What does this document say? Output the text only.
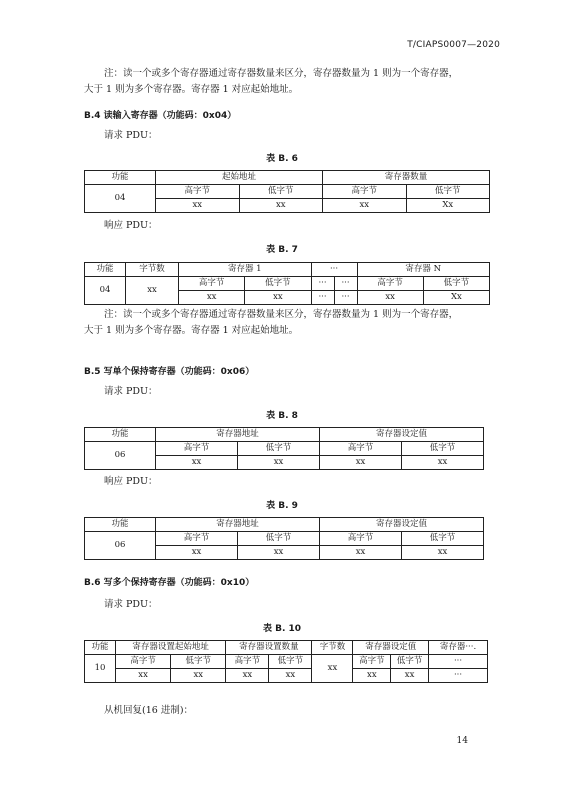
T/CIAPS0007—2020
注：读一个或多个寄存器通过寄存器数量来区分，寄存器数量为 1 则为一个寄存器，
大于 1 则为多个寄存器。寄存器 1 对应起始地址。
B.4 读输入寄存器（功能码：0x04）
请求 PDU：
表 B. 6
功能	起始地址		寄存器数量	
04	高字节	低字节	高字节	低字节
	xx	xx	xx	Xx
响应 PDU：
表 B. 7
功能	字节数	寄存器 1		···		寄存器 N	
04	xx	高字节	低字节	···	···	高字节	低字节
		xx	xx	···	···	xx	Xx
注：读一个或多个寄存器通过寄存器数量来区分，寄存器数量为 1 则为一个寄存器，
大于 1 则为多个寄存器。寄存器 1 对应起始地址。
B.5 写单个保持寄存器（功能码：0x06）
请求 PDU：
表 B. 8
功能	寄存器地址		寄存器设定值	
06	高字节	低字节	高字节	低字节
	xx	xx	xx	xx
响应 PDU：
表 B. 9
功能	寄存器地址		寄存器设定值	
06	高字节	低字节	高字节	低字节
	xx	xx	xx	xx
B.6 写多个保持寄存器（功能码：0x10）
请求 PDU：
表 B. 10
功能	寄存器设置起始地址		寄存器设置数量		字节数	寄存器设定值		寄存器···.
10	高字节	低字节	高字节	低字节	xx	高字节	低字节	···
	xx	xx	xx	xx		xx	xx	···
从机回复(16 进制)：
14
